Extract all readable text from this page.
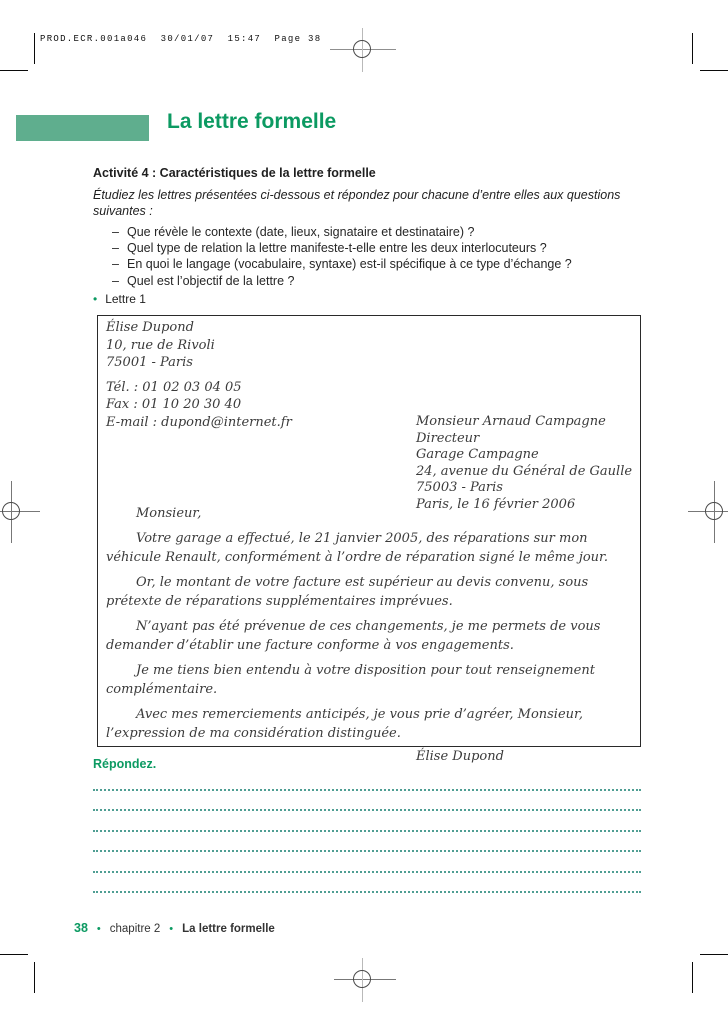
PROD.ECR.001a046  30/01/07  15:47  Page 38
La lettre formelle
Activité 4 : Caractéristiques de la lettre formelle

Étudiez les lettres présentées ci-dessous et répondez pour chacune d’entre elles aux questions suivantes :

– Que révèle le contexte (date, lieux, signataire et destinataire) ?
– Quel type de relation la lettre manifeste-t-elle entre les deux interlocuteurs ?
– En quoi le langage (vocabulaire, syntaxe) est-il spécifique à ce type d’échange ?
– Quel est l’objectif de la lettre ?
• Lettre 1
Élise Dupond
10, rue de Rivoli
75001 - Paris
Tél. : 01 02 03 04 05
Fax : 01 10 20 30 40
E-mail : dupond@internet.fr	Monsieur Arnaud Campagne
Directeur
Garage Campagne
24, avenue du Général de Gaulle
75003 - Paris
Paris, le 16 février 2006

Monsieur,

Votre garage a effectué, le 21 janvier 2005, des réparations sur mon véhicule Renault, conformément à l’ordre de réparation signé le même jour.

Or, le montant de votre facture est supérieur au devis convenu, sous prétexte de réparations supplémentaires imprévues.

N’ayant pas été prévenue de ces changements, je me permets de vous demander d’établir une facture conforme à vos engagements.

Je me tiens bien entendu à votre disposition pour tout renseignement complémentaire.

Avec mes remerciements anticipés, je vous prie d’agréer, Monsieur, l’expression de ma considération distinguée.

Élise Dupond
Répondez.
38 • chapitre 2 • La lettre formelle
